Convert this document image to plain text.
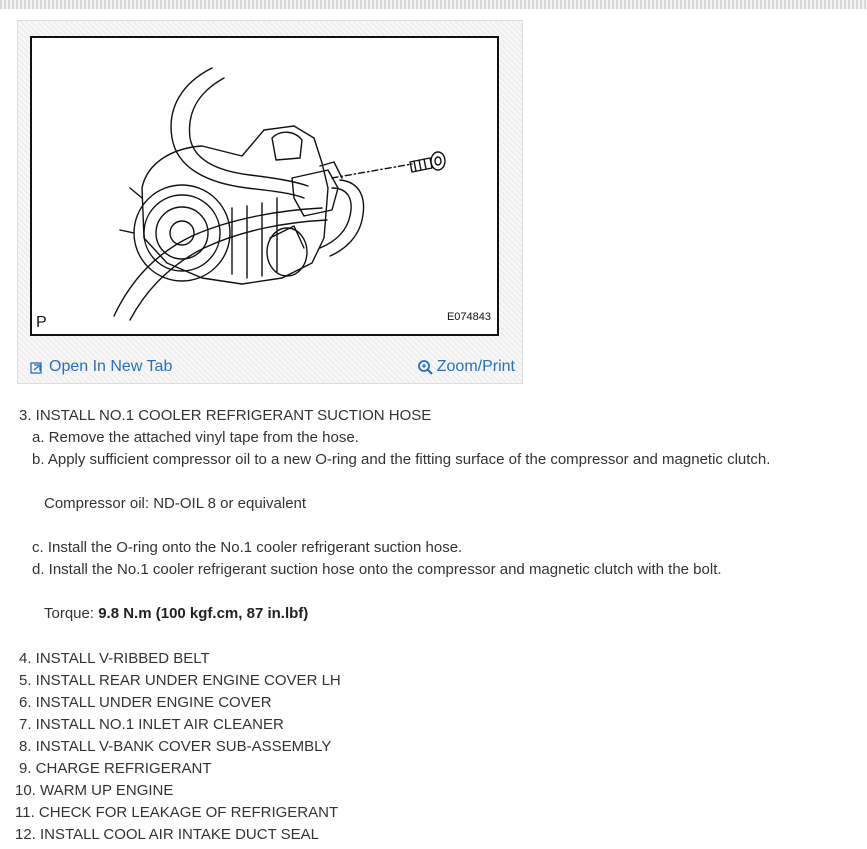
P	E074843
Open In New Tab	Zoom/Print
3. INSTALL NO.1 COOLER REFRIGERANT SUCTION HOSE
a. Remove the attached vinyl tape from the hose.
b. Apply sufficient compressor oil to a new O-ring and the fitting surface of the compressor and magnetic clutch.
Compressor oil: ND-OIL 8 or equivalent
c. Install the O-ring onto the No.1 cooler refrigerant suction hose.
d. Install the No.1 cooler refrigerant suction hose onto the compressor and magnetic clutch with the bolt.
Torque: 9.8 N.m (100 kgf.cm, 87 in.lbf)
4. INSTALL V-RIBBED BELT
5. INSTALL REAR UNDER ENGINE COVER LH
6. INSTALL UNDER ENGINE COVER
7. INSTALL NO.1 INLET AIR CLEANER
8. INSTALL V-BANK COVER SUB-ASSEMBLY
9. CHARGE REFRIGERANT
10. WARM UP ENGINE
11. CHECK FOR LEAKAGE OF REFRIGERANT
12. INSTALL COOL AIR INTAKE DUCT SEAL
